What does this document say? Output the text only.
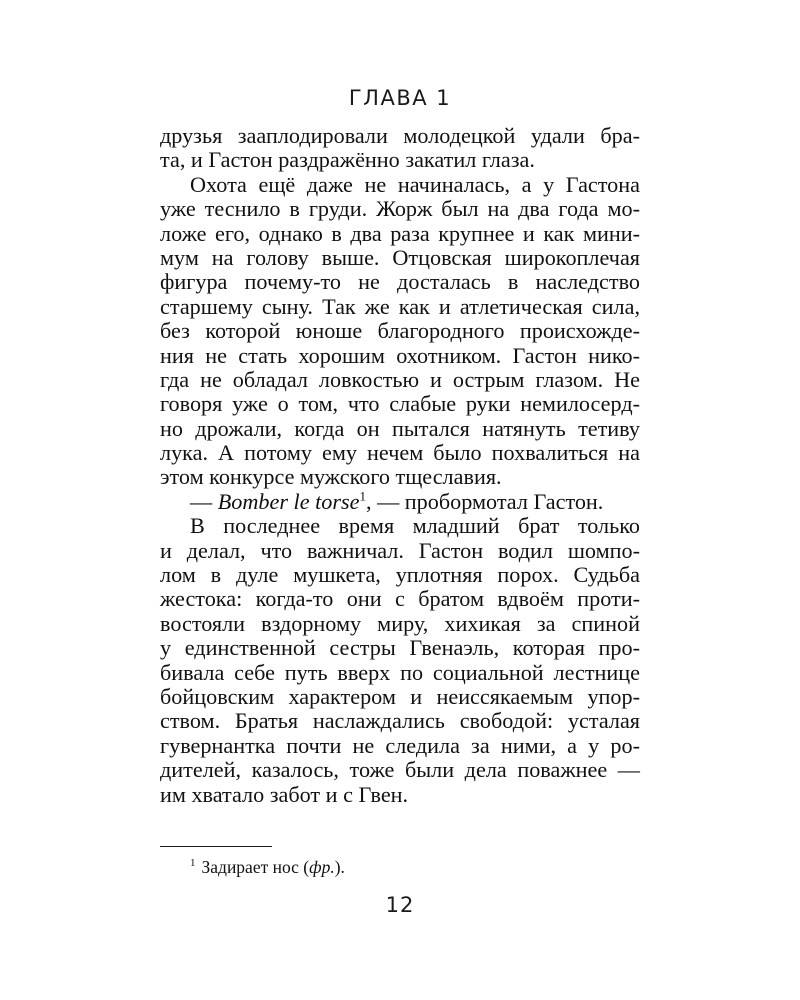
ГЛАВА 1
друзья зааплодировали молодецкой удали бра-
та, и Гастон раздражённо закатил глаза.
Охота ещё даже не начиналась, а у Гастона
уже теснило в груди. Жорж был на два года мо-
ложе его, однако в два раза крупнее и как мини-
мум на голову выше. Отцовская широкоплечая
фигура почему-то не досталась в наследство
старшему сыну. Так же как и атлетическая сила,
без которой юноше благородного происхожде-
ния не стать хорошим охотником. Гастон нико-
гда не обладал ловкостью и острым глазом. Не
говоря уже о том, что слабые руки немилосерд-
но дрожали, когда он пытался натянуть тетиву
лука. А потому ему нечем было похвалиться на
этом конкурсе мужского тщеславия.
— Bomber le torse$^1$, — пробормотал Гастон.
В последнее время младший брат только
и делал, что важничал. Гастон водил шомпо-
лом в дуле мушкета, уплотняя порох. Судьба
жестока: когда-то они с братом вдвоём проти-
востояли вздорному миру, хихикая за спиной
у единственной сестры Гвенаэль, которая про-
бивала себе путь вверх по социальной лестнице
бойцовским характером и неиссякаемым упор-
ством. Братья наслаждались свободой: усталая
гувернантка почти не следила за ними, а у ро-
дителей, казалось, тоже были дела поважнее —
им хватало забот и с Гвен.
$^1$ Задирает нос (фр.).
12
